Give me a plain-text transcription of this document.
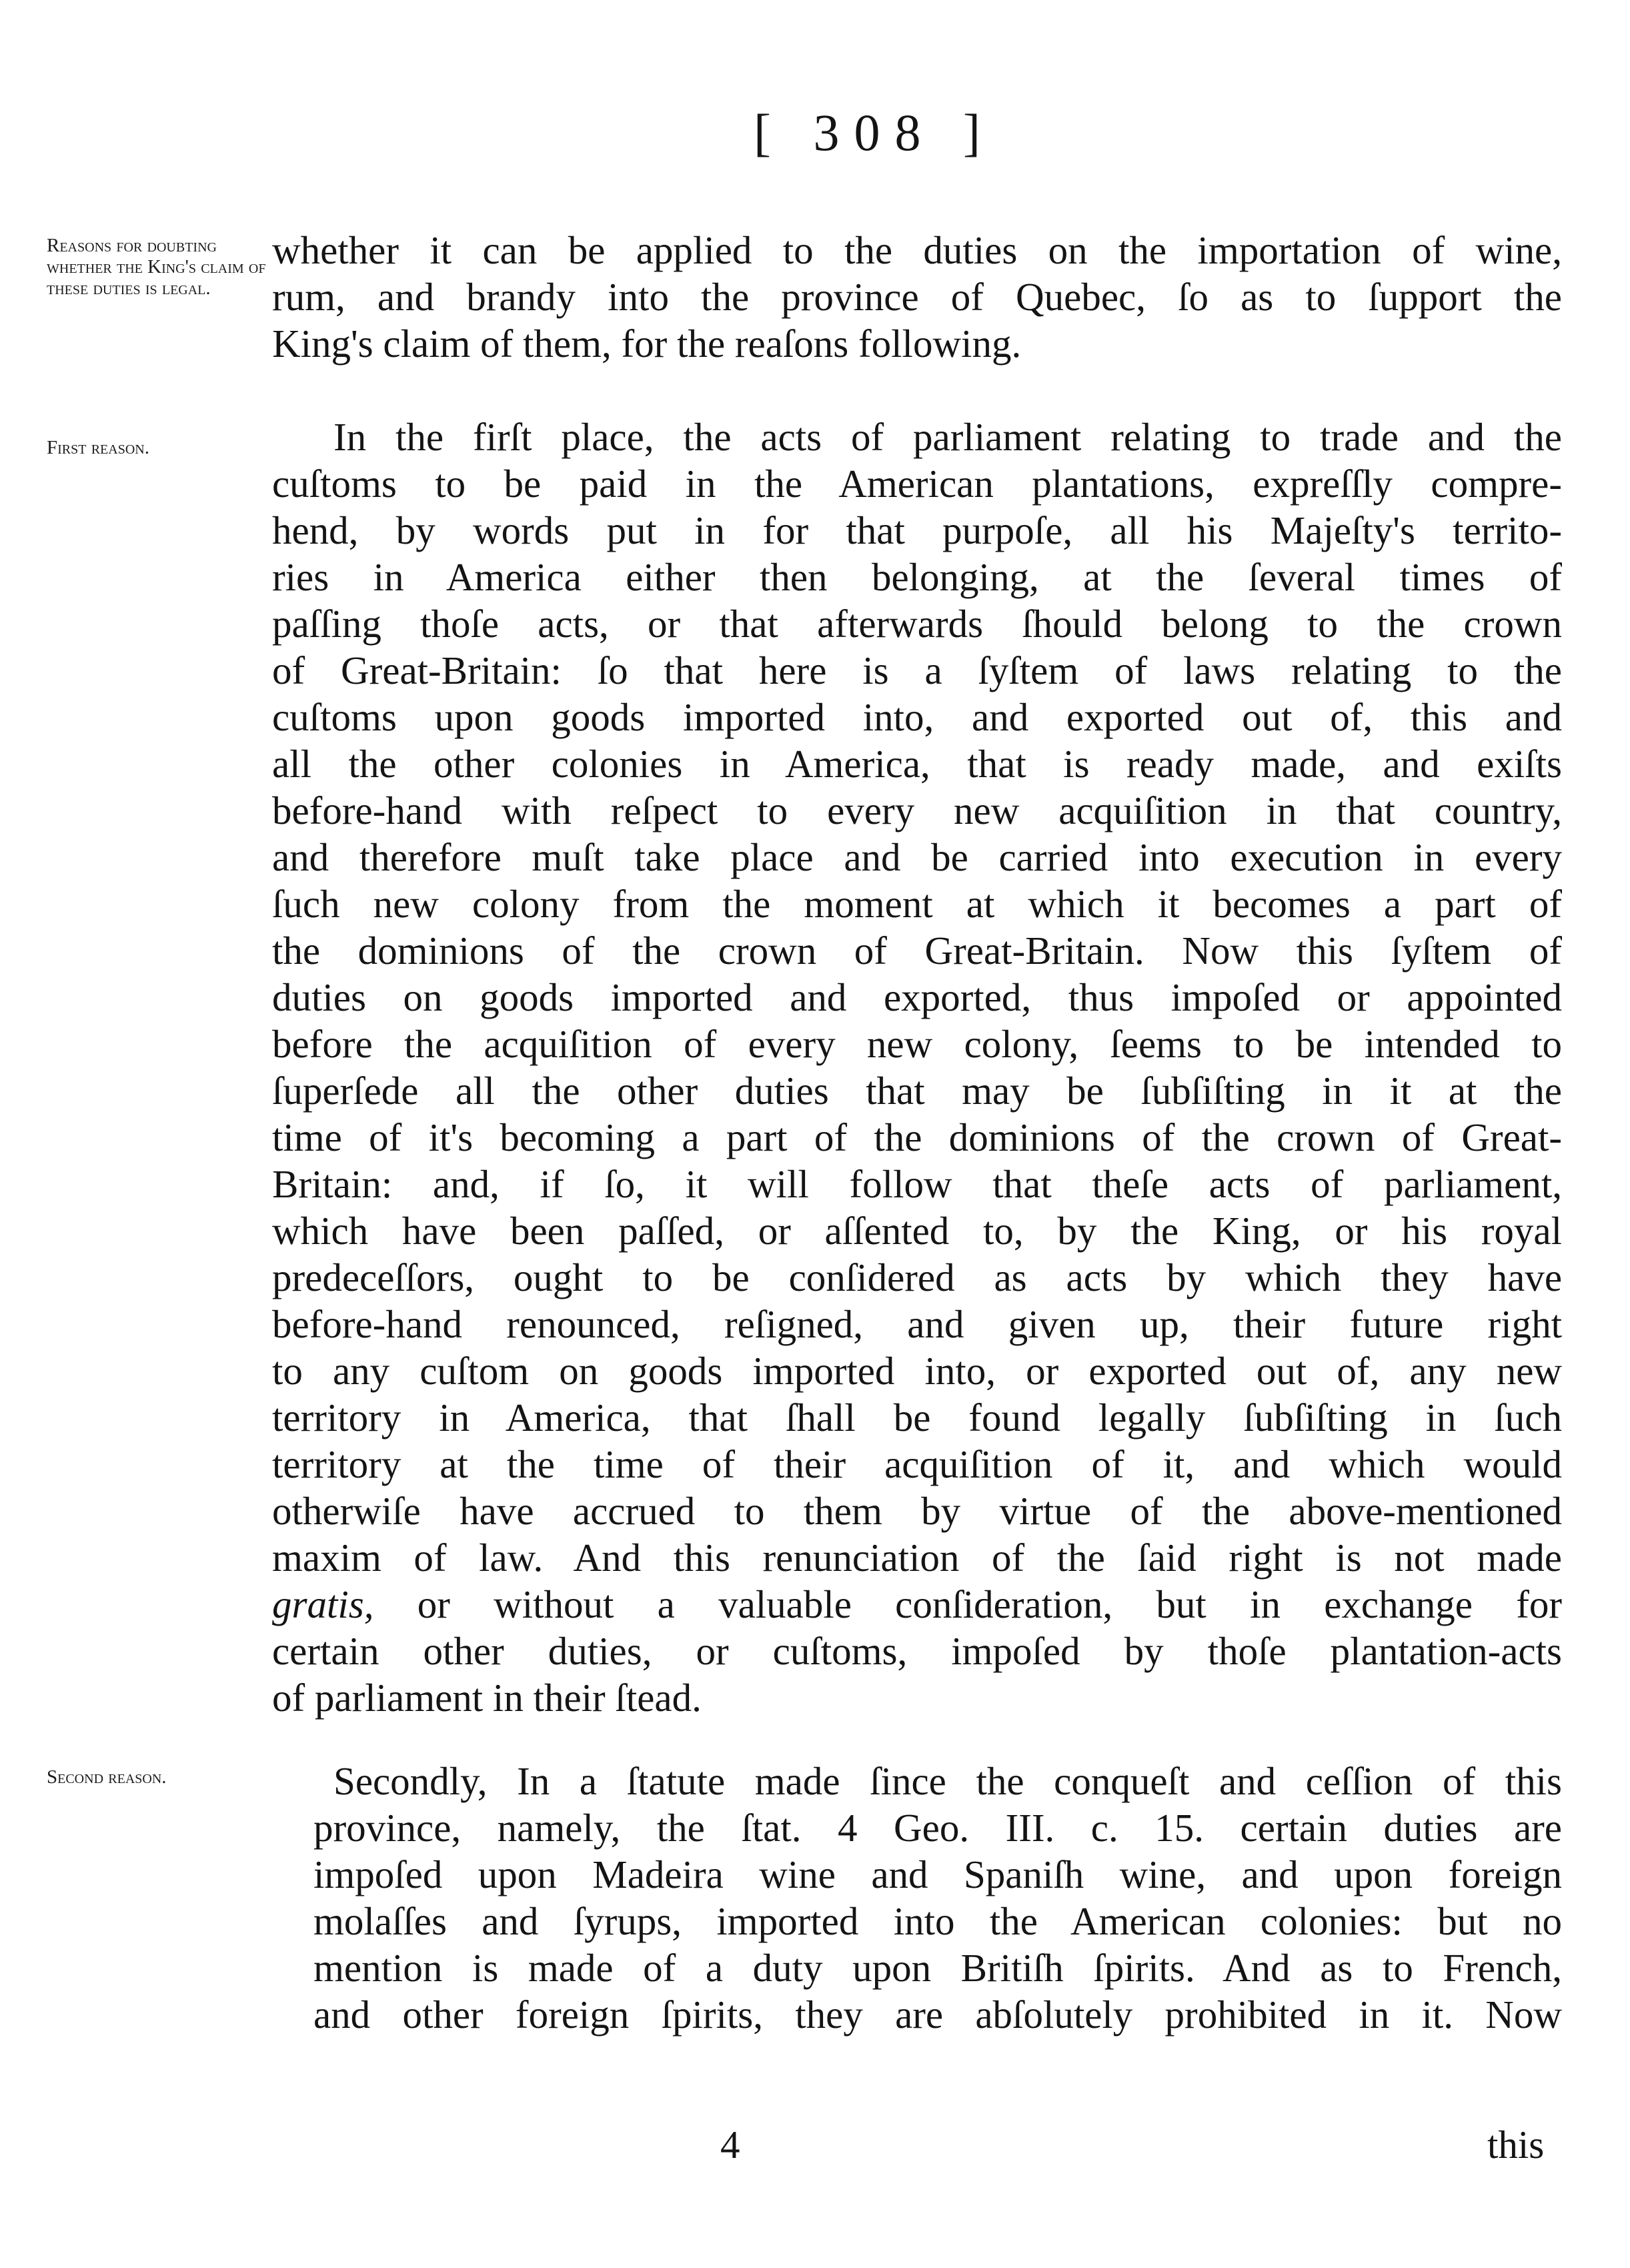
[ 308 ]
Reasons for doubting whether the King's claim of these duties is legal.
First reason.
Second reason.
whether it can be applied to the duties on the importation of wine,
rum, and brandy into the province of Quebec, ſo as to ſupport the
King's claim of them, for the reaſons following.
In the firſt place, the acts of parliament relating to trade and the
cuſtoms to be paid in the American plantations, expreſſly compre-
hend, by words put in for that purpoſe, all his Majeſty's territo-
ries in America either then belonging, at the ſeveral times of
paſſing thoſe acts, or that afterwards ſhould belong to the crown
of Great-Britain: ſo that here is a ſyſtem of laws relating to the
cuſtoms upon goods imported into, and exported out of, this and
all the other colonies in America, that is ready made, and exiſts
before-hand with reſpect to every new acquiſition in that country,
and therefore muſt take place and be carried into execution in every
ſuch new colony from the moment at which it becomes a part of
the dominions of the crown of Great-Britain. Now this ſyſtem of
duties on goods imported and exported, thus impoſed or appointed
before the acquiſition of every new colony, ſeems to be intended to
ſuperſede all the other duties that may be ſubſiſting in it at the
time of it's becoming a part of the dominions of the crown of Great-
Britain: and, if ſo, it will follow that theſe acts of parliament,
which have been paſſed, or aſſented to, by the King, or his royal
predeceſſors, ought to be conſidered as acts by which they have
before-hand renounced, reſigned, and given up, their future right
to any cuſtom on goods imported into, or exported out of, any new
territory in America, that ſhall be found legally ſubſiſting in ſuch
territory at the time of their acquiſition of it, and which would
otherwiſe have accrued to them by virtue of the above-mentioned
maxim of law. And this renunciation of the ſaid right is not made
gratis, or without a valuable conſideration, but in exchange for
certain other duties, or cuſtoms, impoſed by thoſe plantation-acts
of parliament in their ſtead.
Secondly, In a ſtatute made ſince the conqueſt and ceſſion of this
province, namely, the ſtat. 4 Geo. III. c. 15. certain duties are
impoſed upon Madeira wine and Spaniſh wine, and upon foreign
molaſſes and ſyrups, imported into the American colonies: but no
mention is made of a duty upon Britiſh ſpirits. And as to French,
and other foreign ſpirits, they are abſolutely prohibited in it. Now
4	this
